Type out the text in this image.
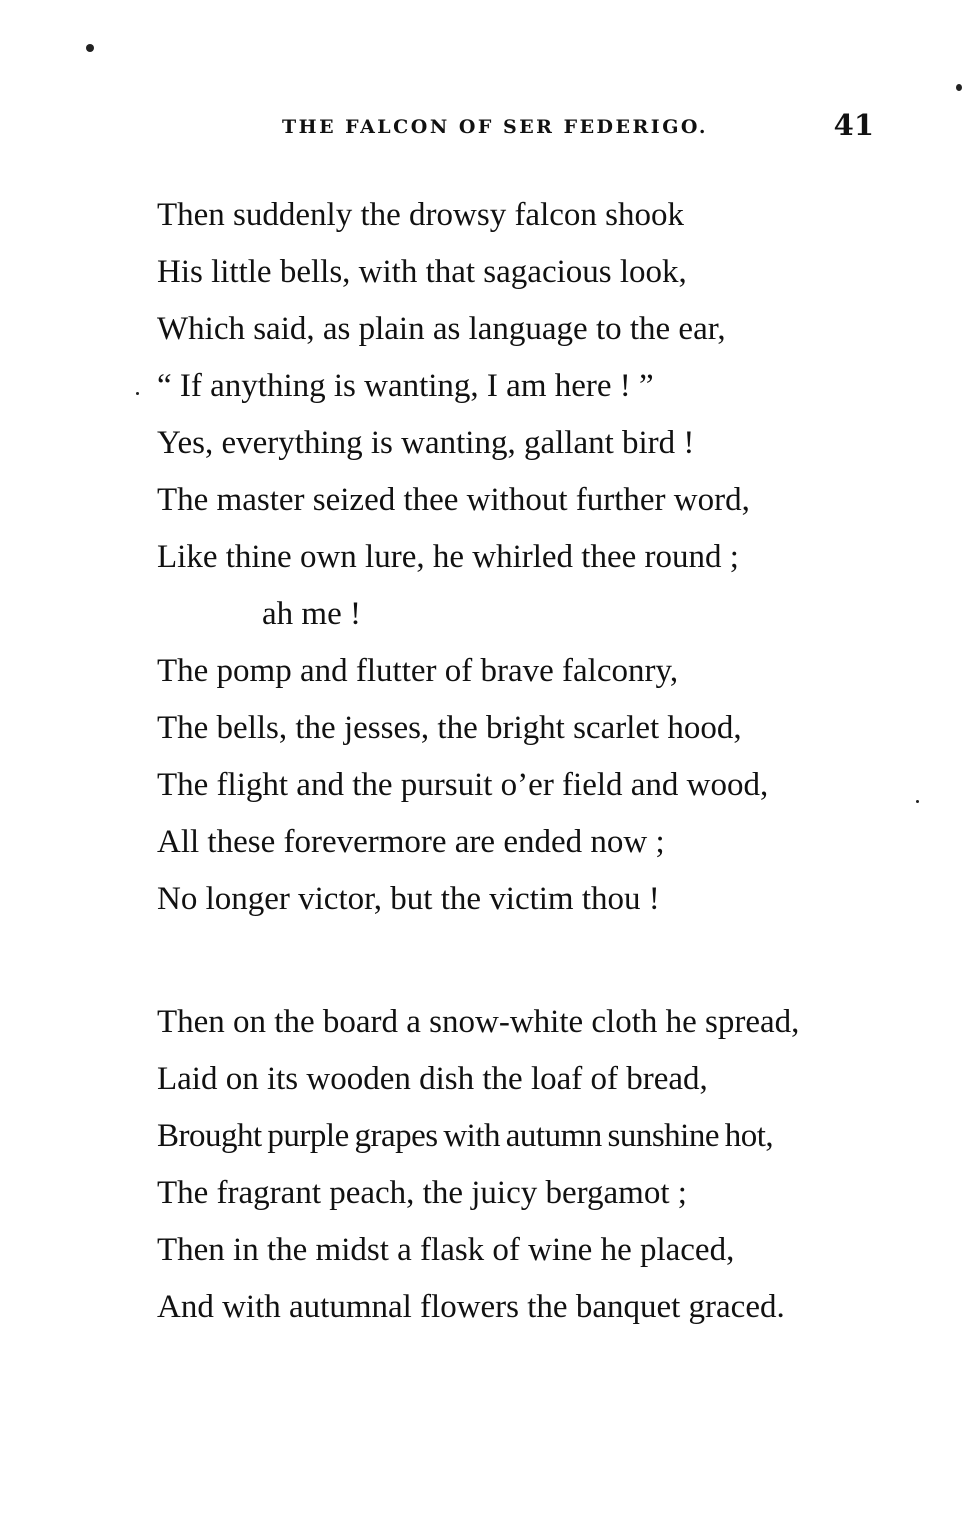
THE FALCON OF SER FEDERIGO.	41
Then suddenly the drowsy falcon shook
His little bells, with that sagacious look,
Which said, as plain as language to the ear,
“ If anything is wanting, I am here ! ”
Yes, everything is wanting, gallant bird !
The master seized thee without further word,
Like thine own lure, he whirled thee round ;
ah me !
The pomp and flutter of brave falconry,
The bells, the jesses, the bright scarlet hood,
The flight and the pursuit o’er field and wood,
All these forevermore are ended now ;
No longer victor, but the victim thou !
Then on the board a snow-white cloth he spread,
Laid on its wooden dish the loaf of bread,
Brought purple grapes with autumn sunshine hot,
The fragrant peach, the juicy bergamot ;
Then in the midst a flask of wine he placed,
And with autumnal flowers the banquet graced.
